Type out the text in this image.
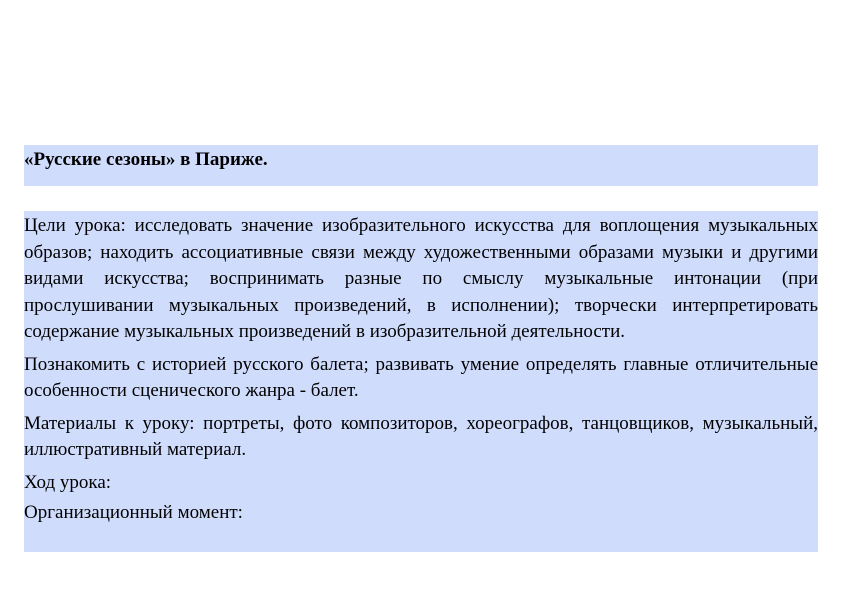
«Русские сезоны» в Париже.

Цели урока: исследовать значение изобразительного искусства для воплощения музыкальных образов; находить ассоциативные связи между художественными образами музыки и другими видами искусства; воспринимать разные по смыслу музыкальные интонации (при прослушивании музыкальных произведений, в исполнении); творчески интерпретировать содержание музыкальных произведений в изобразительной деятельности.

Познакомить с историей русского балета; развивать умение определять главные отличительные особенности сценического жанра - балет.

Материалы к уроку: портреты, фото композиторов, хореографов, танцовщиков, музыкальный, иллюстративный материал.

Ход урока:

Организационный момент:
